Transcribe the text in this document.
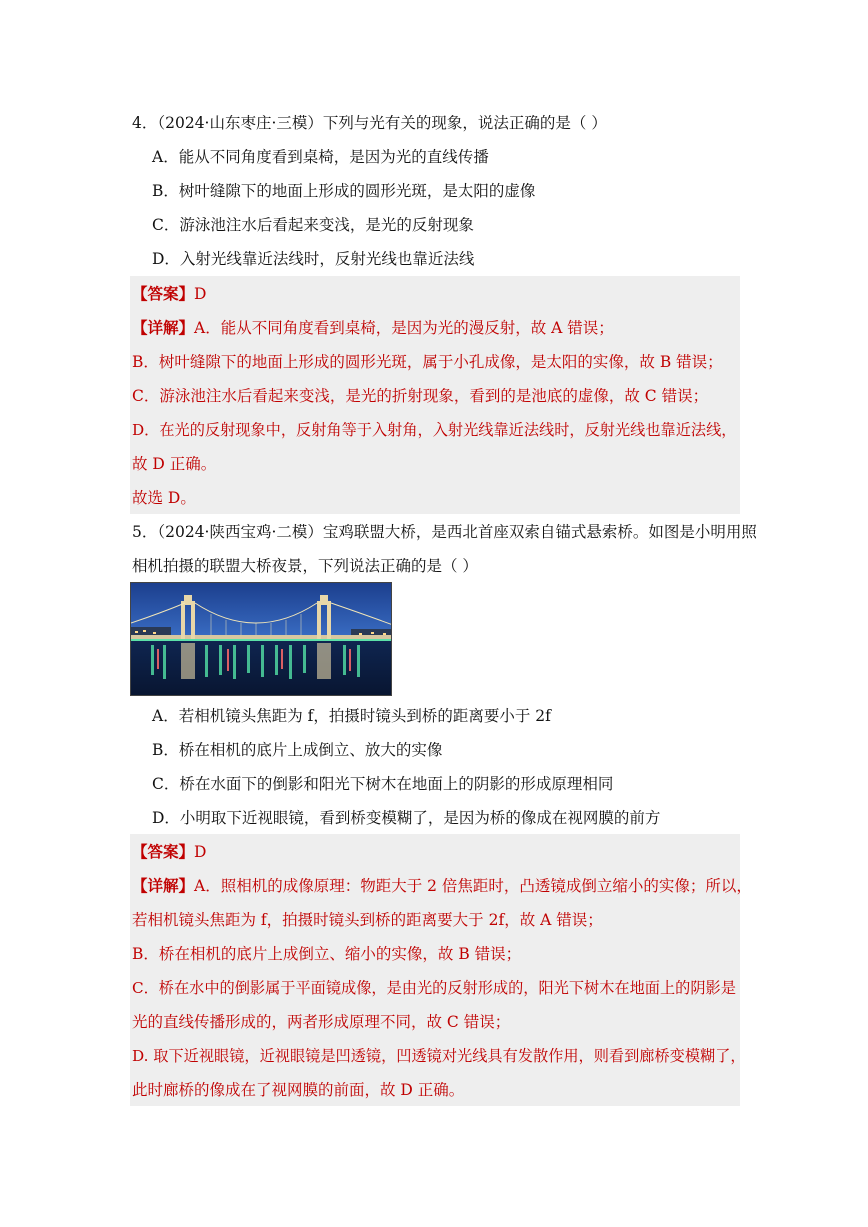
4．（2024·山东枣庄·三模）下列与光有关的现象，说法正确的是（ ）
A．能从不同角度看到桌椅，是因为光的直线传播
B．树叶缝隙下的地面上形成的圆形光斑，是太阳的虚像
C．游泳池注水后看起来变浅，是光的反射现象
D．入射光线靠近法线时，反射光线也靠近法线
【答案】D
【详解】A．能从不同角度看到桌椅，是因为光的漫反射，故 A 错误；
B．树叶缝隙下的地面上形成的圆形光斑，属于小孔成像，是太阳的实像，故 B 错误；
C．游泳池注水后看起来变浅，是光的折射现象，看到的是池底的虚像，故 C 错误；
D．在光的反射现象中，反射角等于入射角，入射光线靠近法线时，反射光线也靠近法线，
故 D 正确。
故选 D。
5．（2024·陕西宝鸡·二模）宝鸡联盟大桥，是西北首座双索自锚式悬索桥。如图是小明用照
相机拍摄的联盟大桥夜景，下列说法正确的是（ ）
A．若相机镜头焦距为 f，拍摄时镜头到桥的距离要小于 2f
B．桥在相机的底片上成倒立、放大的实像
C．桥在水面下的倒影和阳光下树木在地面上的阴影的形成原理相同
D．小明取下近视眼镜，看到桥变模糊了，是因为桥的像成在视网膜的前方
【答案】D
【详解】A．照相机的成像原理：物距大于 2 倍焦距时，凸透镜成倒立缩小的实像；所以，
若相机镜头焦距为 f，拍摄时镜头到桥的距离要大于 2f，故 A 错误；
B．桥在相机的底片上成倒立、缩小的实像，故 B 错误；
C．桥在水中的倒影属于平面镜成像，是由光的反射形成的，阳光下树木在地面上的阴影是
光的直线传播形成的，两者形成原理不同，故 C 错误；
D. 取下近视眼镜，近视眼镜是凹透镜，凹透镜对光线具有发散作用，则看到廊桥变模糊了，
此时廊桥的像成在了视网膜的前面，故 D 正确。
